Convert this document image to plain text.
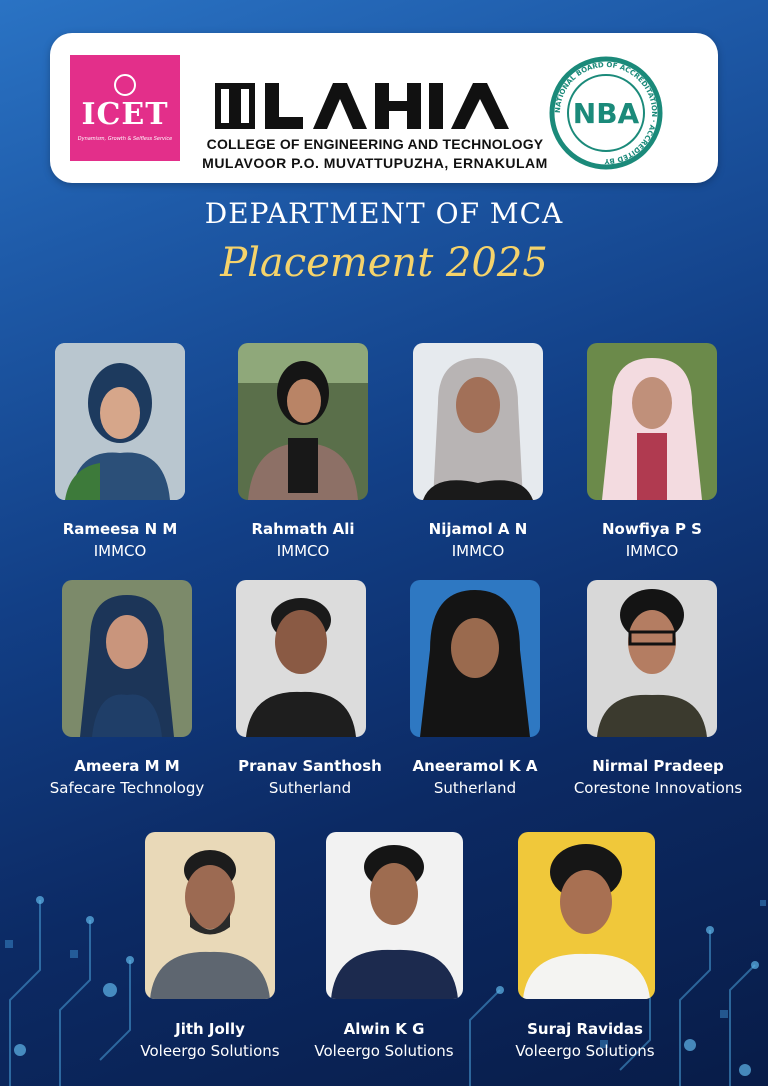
ICET
Dynamism, Growth & Selfless Service	COLLEGE OF ENGINEERING AND TECHNOLOGY
MULAVOOR P.O. MUVATTUPUZHA, ERNAKULAM
NATIONAL BOARD OF ACCREDITATION · ACCREDITED BY
NBA
DEPARTMENT OF MCA
Placement 2025
Rameesa N M
IMMCO
Rahmath Ali
IMMCO
Nijamol A N
IMMCO
Nowfiya P S
IMMCO
Ameera M M
Safecare Technology
Pranav Santhosh
Sutherland
Aneeramol K A
Sutherland
Nirmal Pradeep
Corestone Innovations
Jith Jolly
Voleergo Solutions
Alwin K G
Voleergo Solutions
Suraj Ravidas
Voleergo Solutions
